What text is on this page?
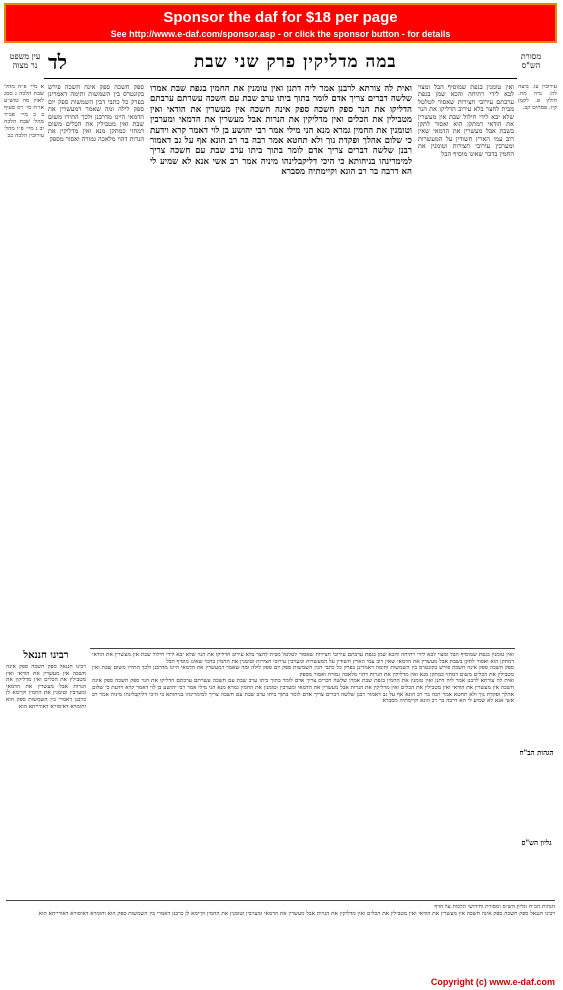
Sponsor the daf for $18 per page
See http://www.e-daf.com/sponsor.asp - or click the sponsor button - for details
עין משפט נר מצוה לד	במה מדליקין פרק שני שבת	מסורת הש"ס

א מיי׳ פ״ה מהל׳ שבת הלכה ג סמג לאוין סה טוש״ע או״ח סי׳ רס סעיף ב ב מיי׳ פכ״ד מהל׳ שבת הלכה יב ג מיי׳ פ״ו מהל׳ עירובין הלכה כב

ספק חשכה ספק אינה חשכה פירש בקונטרס בין השמשות ותימה דאמרינן בפרק כל כתבי דבין השמשות ספק יום ספק לילה ומה שאמר דמעשרין את הדמאי היינו מדרבנן ולכך התירו משום שבת ואין מטבילין את הכלים משום דמחזי כמתקן מנא ואין מדליקין את הנרות דהוי מלאכה גמורה ואסור מספק

ואית לה צורתא לרבנן אמר ליה דתנן ואין טומנין את החמין בגפת שבת אמרו שלשה דברים צריך אדם לומר בתוך ביתו ערב שבת עם חשכה עשרתם ערבתם הדליקו את הנר ספק חשכה ספק אינה חשכה אין מעשרין את הודאי ואין מטבילין את הכלים ואין מדליקין את הנרות אבל מעשרין את הדמאי ומערבין וטומנין את החמין גמרא מנא הני מילי אמר רבי יהושע בן לוי דאמר קרא וידעת כי שלום אהלך ופקדת נוך ולא תחטא אמר רבה בר רב הונא אף על גב דאמור רבנן שלשה דברים צריך אדם לומר בתוך ביתו ערב שבת עם חשכה צריך למימרינהו בניחותא כי היכי דליקבלינהו מיניה אמר רב אשי אנא לא שמיע לי הא דרבה בר רב הונא וקיימתיה מסברא

ואין טומנין בגפת שמוסיף הבל ומצוי לבא לידי רתיחה והכא שמן בגפת ערבתם עירובי חצירות שאסור לטלטל מבית לחצר בלא עירוב הדליקו את הנר שלא יבא לידי חילול שבת אין מעשרין את הודאי דמתקן הוא ואסור לתקן בשבת אבל מעשרין את הדמאי שאין רוב עמי הארץ חשודין על המעשרות ומערבין עירובי חצירות וטומנין את החמין בדבר שאינו מוסיף הבל

עירובין עו. ביצה לה: נדה מח. חולין פ. לקמן קיז. פסחים קב.

רבינו חננאל

רבינו חננאל ספק חשכה ספק אינה חשכה אין מעשרין את הודאי ואין מטבילין את הכלים ואין מדליקין את הנרות אבל מעשרין את הדמאי ומערבין וטומנין את החמין וקיימא לן כרבנן דאמרי בין השמשות ספק הוא וחומרא דאיסורא דאורייתא הוא

ואין טומנין בגפת שמוסיף הבל ומצוי לבא לידי רתיחה והכא שמן בגפת ערבתם עירובי חצירות שאסור לטלטל מבית לחצר בלא עירוב הדליקו את הנר שלא יבא לידי חילול שבת אין מעשרין את הודאי דמתקן הוא ואסור לתקן בשבת אבל מעשרין את הדמאי שאין רוב עמי הארץ חשודין על המעשרות ומערבין עירובי חצירות וטומנין את החמין בדבר שאינו מוסיף הבל

ספק חשכה ספק אינה חשכה פירש בקונטרס בין השמשות ותימה דאמרינן בפרק כל כתבי דבין השמשות ספק יום ספק לילה ומה שאמר דמעשרין את הדמאי היינו מדרבנן ולכך התירו משום שבת ואין מטבילין את הכלים משום דמחזי כמתקן מנא ואין מדליקין את הנרות דהוי מלאכה גמורה ואסור מספק

ואית לה צורתא לרבנן אמר ליה דתנן ואין טומנין את החמין בגפת שבת אמרו שלשה דברים צריך אדם לומר בתוך ביתו ערב שבת עם חשכה עשרתם ערבתם הדליקו את הנר ספק חשכה ספק אינה חשכה אין מעשרין את הודאי ואין מטבילין את הכלים ואין מדליקין את הנרות אבל מעשרין את הדמאי ומערבין וטומנין את החמין גמרא מנא הני מילי אמר רבי יהושע בן לוי דאמר קרא וידעת כי שלום אהלך ופקדת נוך ולא תחטא אמר רבה בר רב הונא אף על גב דאמור רבנן שלשה דברים צריך אדם לומר בתוך ביתו ערב שבת עם חשכה צריך למימרינהו בניחותא כי היכי דליקבלינהו מיניה אמר רב אשי אנא לא שמיע לי הא דרבה בר רב הונא וקיימתיה מסברא

הגהות הב"ח
גליון הש"ס

הגהות הב״ח וגליון הש״ס ומסורת וחידושי הלכות על הדף

רבינו חננאל ספק חשכה ספק אינה חשכה אין מעשרין את הודאי ואין מטבילין את הכלים ואין מדליקין את הנרות אבל מעשרין את הדמאי ומערבין וטומנין את החמין וקיימא לן כרבנן דאמרי בין השמשות ספק הוא וחומרא דאיסורא דאורייתא הוא

Copyright (c) www.e-daf.com
